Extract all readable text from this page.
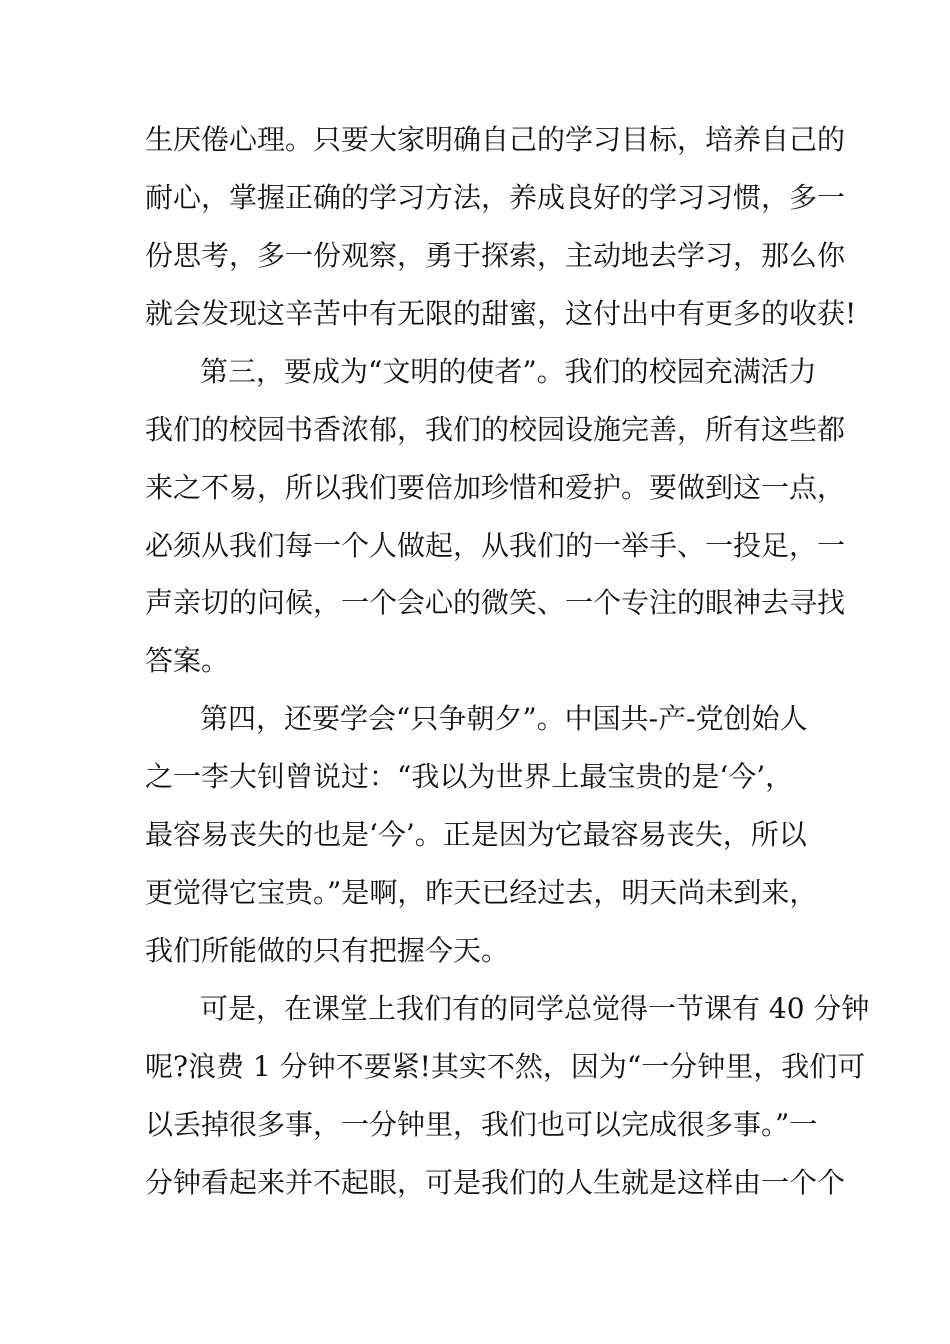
生厌倦心理。只要大家明确自己的学习目标，培养自己的
耐心，掌握正确的学习方法，养成良好的学习习惯，多一
份思考，多一份观察，勇于探索，主动地去学习，那么你
就会发现这辛苦中有无限的甜蜜，这付出中有更多的收获!
第三，要成为“文明的使者”。我们的校园充满活力
我们的校园书香浓郁，我们的校园设施完善，所有这些都
来之不易，所以我们要倍加珍惜和爱护。要做到这一点，
必须从我们每一个人做起，从我们的一举手、一投足，一
声亲切的问候，一个会心的微笑、一个专注的眼神去寻找
答案。
第四，还要学会“只争朝夕”。中国共-产-党创始人
之一李大钊曾说过：“我以为世界上最宝贵的是‘今’，
最容易丧失的也是‘今’。正是因为它最容易丧失，所以
更觉得它宝贵。”是啊，昨天已经过去，明天尚未到来，
我们所能做的只有把握今天。
可是，在课堂上我们有的同学总觉得一节课有 40 分钟
呢?浪费 1 分钟不要紧!其实不然，因为“一分钟里，我们可
以丢掉很多事，一分钟里，我们也可以完成很多事。”一
分钟看起来并不起眼，可是我们的人生就是这样由一个个
